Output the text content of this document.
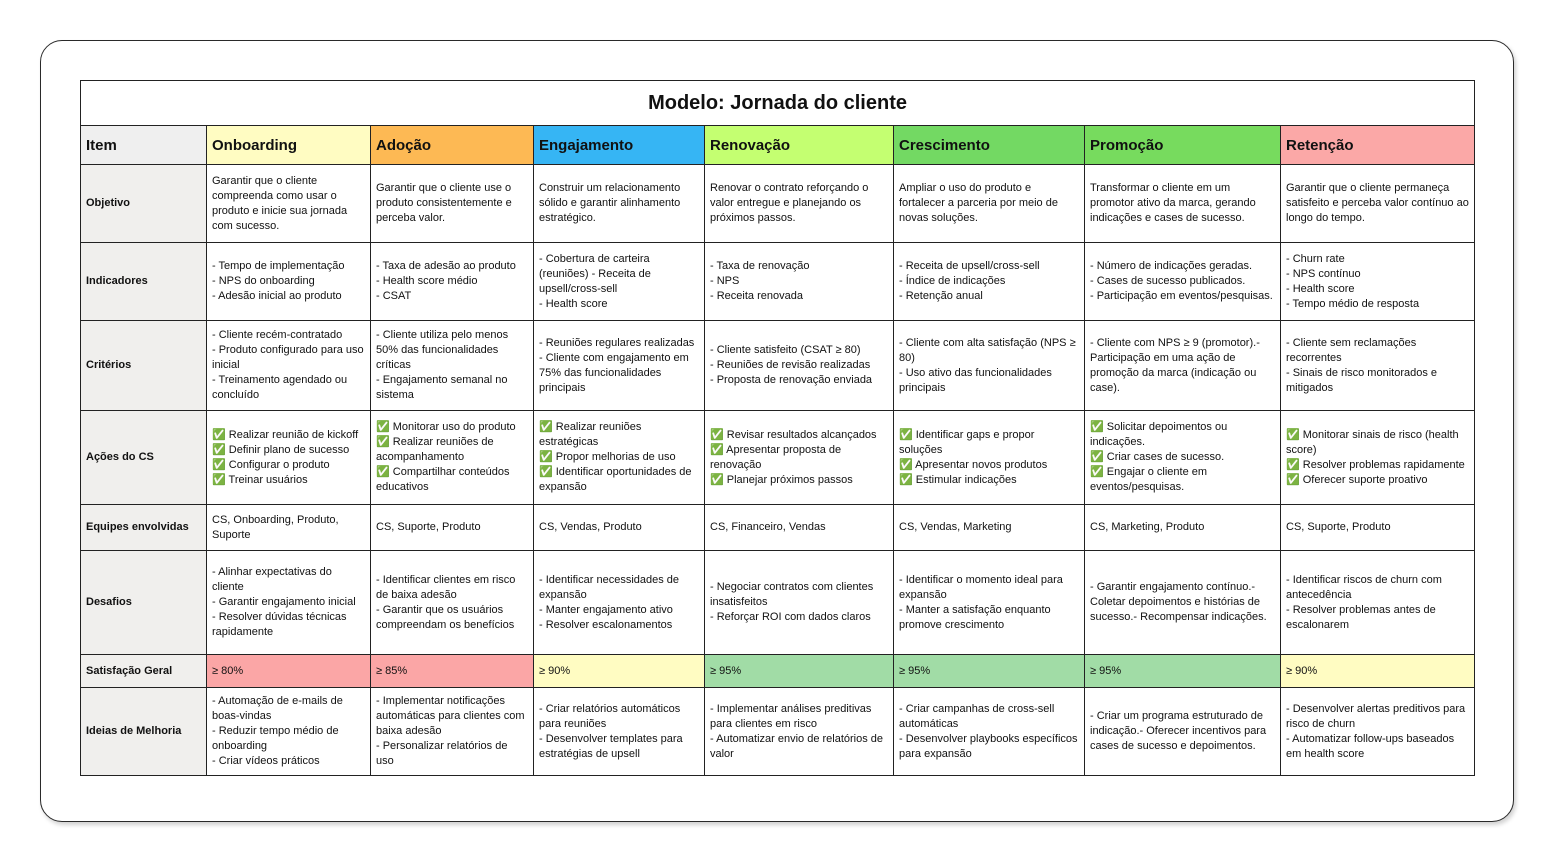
Modelo: Jornada do cliente							
Item	Onboarding	Adoção	Engajamento	Renovação	Crescimento	Promoção	Retenção
Objetivo	Garantir que o cliente compreenda como usar o produto e inicie sua jornada com sucesso.	Garantir que o cliente use o produto consistentemente e perceba valor.	Construir um relacionamento sólido e garantir alinhamento estratégico.	Renovar o contrato reforçando o valor entregue e planejando os próximos passos.	Ampliar o uso do produto e fortalecer a parceria por meio de novas soluções.	Transformar o cliente em um promotor ativo da marca, gerando indicações e cases de sucesso.	Garantir que o cliente permaneça satisfeito e perceba valor contínuo ao longo do tempo.
Indicadores	- Tempo de implementação
- NPS do onboarding
- Adesão inicial ao produto	- Taxa de adesão ao produto
- Health score médio
- CSAT	- Cobertura de carteira (reuniões) - Receita de upsell/cross-sell
- Health score	- Taxa de renovação
- NPS
- Receita renovada	- Receita de upsell/cross-sell
- Índice de indicações
- Retenção anual	- Número de indicações geradas.
- Cases de sucesso publicados.
- Participação em eventos/pesquisas.	- Churn rate
- NPS contínuo
- Health score
- Tempo médio de resposta
Critérios	- Cliente recém-contratado
- Produto configurado para uso inicial
- Treinamento agendado ou concluído	- Cliente utiliza pelo menos 50% das funcionalidades críticas
- Engajamento semanal no sistema	- Reuniões regulares realizadas
- Cliente com engajamento em 75% das funcionalidades principais	- Cliente satisfeito (CSAT ≥ 80)
- Reuniões de revisão realizadas
- Proposta de renovação enviada	- Cliente com alta satisfação (NPS ≥ 80)
- Uso ativo das funcionalidades principais	- Cliente com NPS ≥ 9 (promotor).- Participação em uma ação de promoção da marca (indicação ou case).	- Cliente sem reclamações recorrentes
- Sinais de risco monitorados e mitigados
Ações do CS	✅ Realizar reunião de kickoff
✅ Definir plano de sucesso
✅ Configurar o produto
✅ Treinar usuários	✅ Monitorar uso do produto
✅ Realizar reuniões de acompanhamento
✅ Compartilhar conteúdos educativos	✅ Realizar reuniões estratégicas
✅ Propor melhorias de uso
✅ Identificar oportunidades de expansão	✅ Revisar resultados alcançados
✅ Apresentar proposta de renovação
✅ Planejar próximos passos	✅ Identificar gaps e propor soluções
✅ Apresentar novos produtos
✅ Estimular indicações	✅ Solicitar depoimentos ou indicações.
✅ Criar cases de sucesso.
✅ Engajar o cliente em eventos/pesquisas.	✅ Monitorar sinais de risco (health score)
✅ Resolver problemas rapidamente
✅ Oferecer suporte proativo
Equipes envolvidas	CS, Onboarding, Produto, Suporte	CS, Suporte, Produto	CS, Vendas, Produto	CS, Financeiro, Vendas	CS, Vendas, Marketing	CS, Marketing, Produto	CS, Suporte, Produto
Desafios	- Alinhar expectativas do cliente
- Garantir engajamento inicial
- Resolver dúvidas técnicas rapidamente	- Identificar clientes em risco de baixa adesão
- Garantir que os usuários compreendam os benefícios	- Identificar necessidades de expansão
- Manter engajamento ativo
- Resolver escalonamentos	- Negociar contratos com clientes insatisfeitos
- Reforçar ROI com dados claros	- Identificar o momento ideal para expansão
- Manter a satisfação enquanto promove crescimento	- Garantir engajamento contínuo.- Coletar depoimentos e histórias de sucesso.- Recompensar indicações.	- Identificar riscos de churn com antecedência
- Resolver problemas antes de escalonarem
Satisfação Geral	≥ 80%	≥ 85%	≥ 90%	≥ 95%	≥ 95%	≥ 95%	≥ 90%
Ideias de Melhoria	- Automação de e-mails de boas-vindas
- Reduzir tempo médio de onboarding
- Criar vídeos práticos	- Implementar notificações automáticas para clientes com baixa adesão
- Personalizar relatórios de uso	- Criar relatórios automáticos para reuniões
- Desenvolver templates para estratégias de upsell	- Implementar análises preditivas para clientes em risco
- Automatizar envio de relatórios de valor	- Criar campanhas de cross-sell automáticas
- Desenvolver playbooks específicos para expansão	- Criar um programa estruturado de indicação.- Oferecer incentivos para cases de sucesso e depoimentos.	- Desenvolver alertas preditivos para risco de churn
- Automatizar follow-ups baseados em health score
